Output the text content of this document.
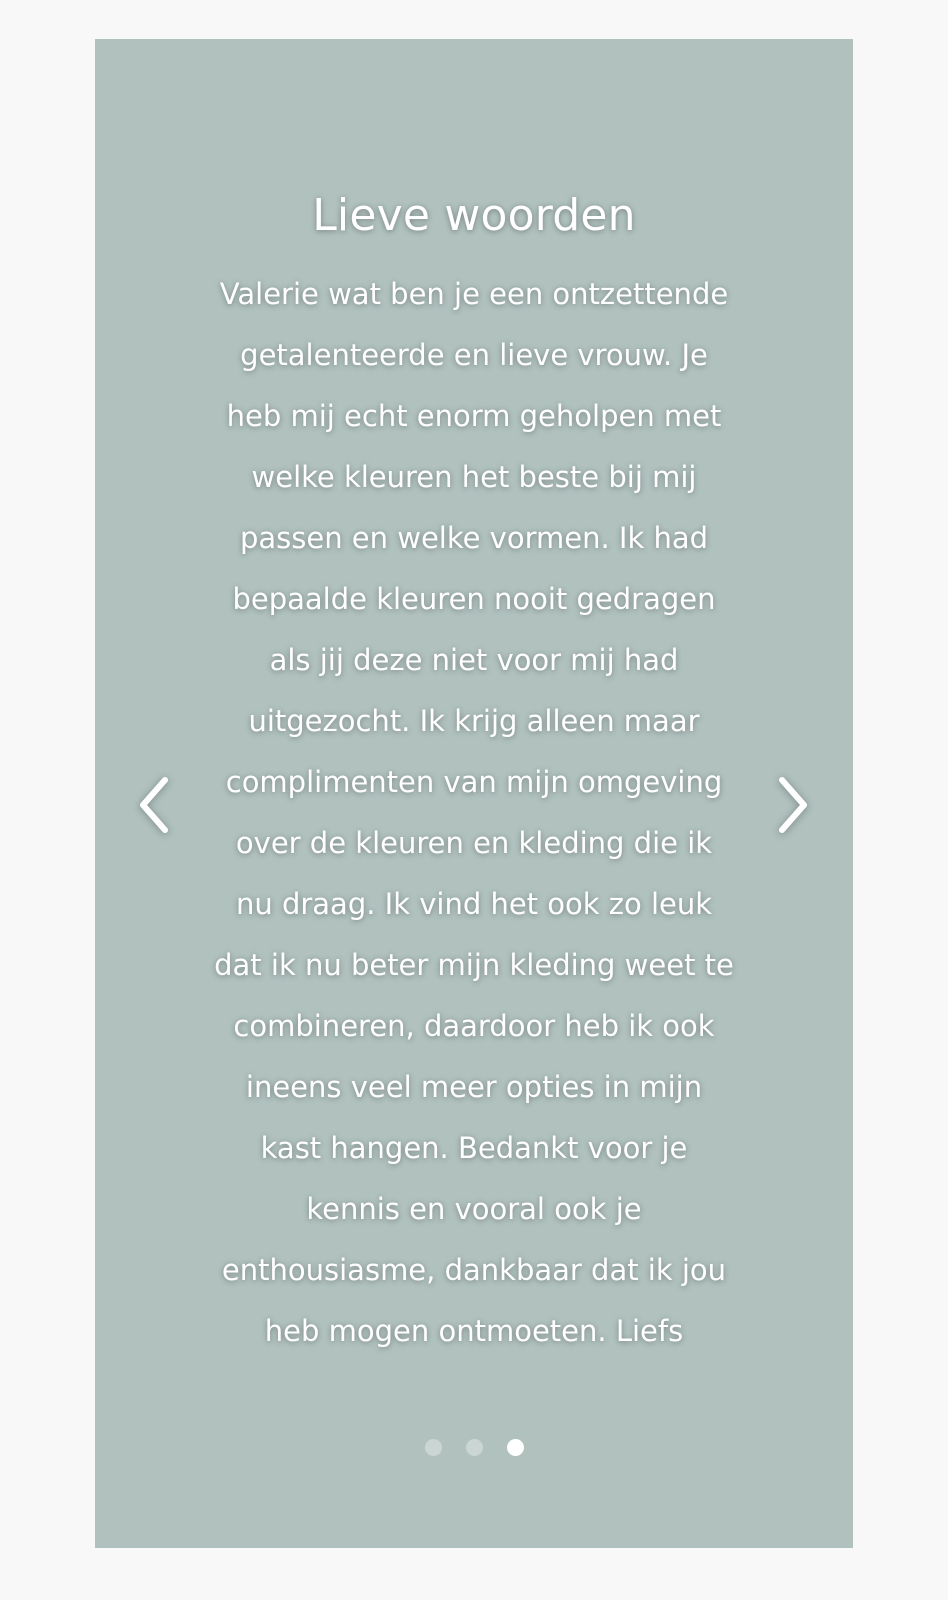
Lieve woorden

Valerie wat ben je een ontzettende
getalenteerde en lieve vrouw. Je
heb mij echt enorm geholpen met
welke kleuren het beste bij mij
passen en welke vormen. Ik had
bepaalde kleuren nooit gedragen
als jij deze niet voor mij had
uitgezocht. Ik krijg alleen maar
complimenten van mijn omgeving
over de kleuren en kleding die ik
nu draag. Ik vind het ook zo leuk
dat ik nu beter mijn kleding weet te
combineren, daardoor heb ik ook
ineens veel meer opties in mijn
kast hangen. Bedankt voor je
kennis en vooral ook je
enthousiasme, dankbaar dat ik jou
heb mogen ontmoeten. Liefs
